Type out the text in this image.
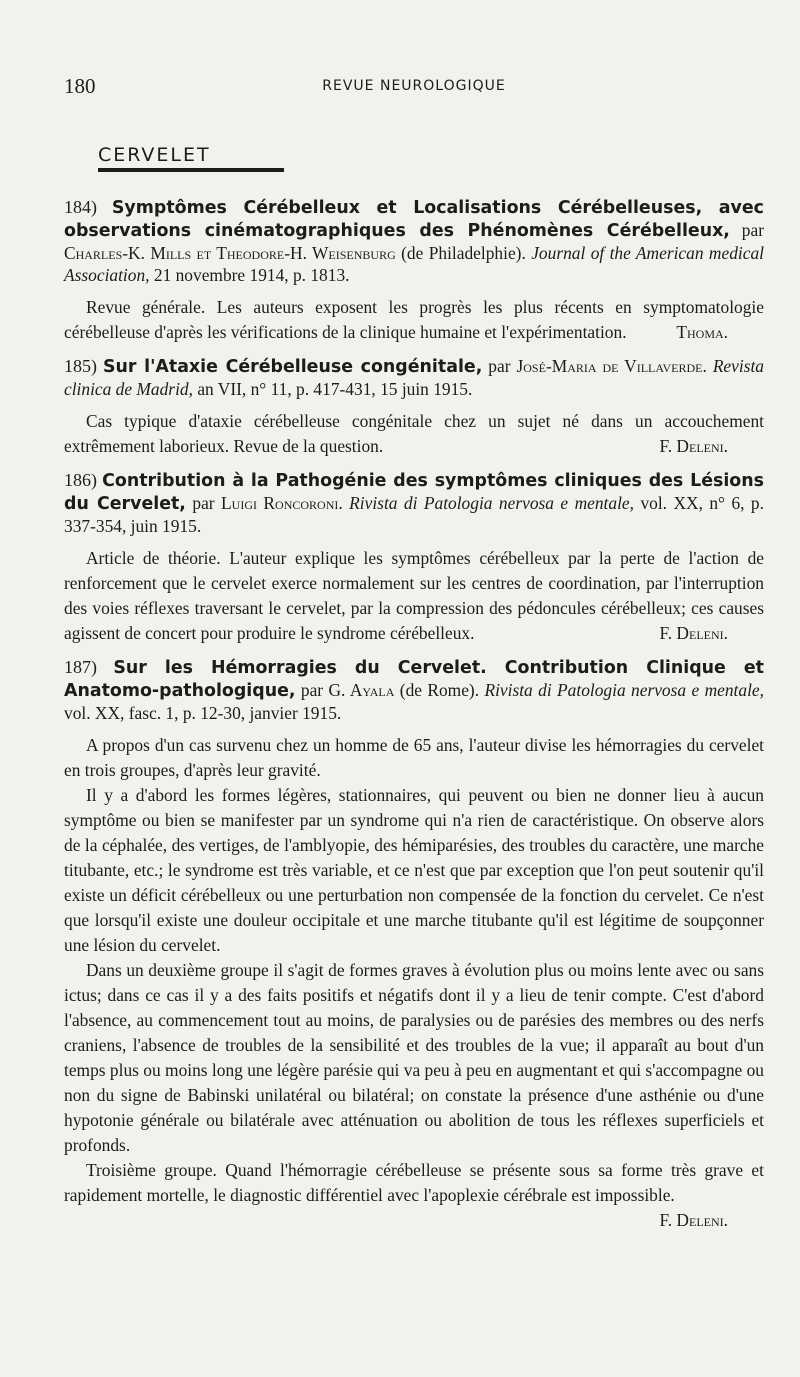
180	REVUE NEUROLOGIQUE
CERVELET
184) Symptômes Cérébelleux et Localisations Cérébelleuses, avec observations cinématographiques des Phénomènes Cérébelleux, par Charles-K. Mills et Theodore-H. Weisenburg (de Philadelphie). Journal of the American medical Association, 21 novembre 1914, p. 1813.

Revue générale. Les auteurs exposent les progrès les plus récents en symptomatologie cérébelleuse d'après les vérifications de la clinique humaine et l'expérimentation.	Thoma.

185) Sur l'Ataxie Cérébelleuse congénitale, par José-Maria de Villaverde. Revista clinica de Madrid, an VII, n° 11, p. 417-431, 15 juin 1915.

Cas typique d'ataxie cérébelleuse congénitale chez un sujet né dans un accouchement extrêmement laborieux. Revue de la question.	F. Deleni.

186) Contribution à la Pathogénie des symptômes cliniques des Lésions du Cervelet, par Luigi Roncoroni. Rivista di Patologia nervosa e mentale, vol. XX, n° 6, p. 337-354, juin 1915.

Article de théorie. L'auteur explique les symptômes cérébelleux par la perte de l'action de renforcement que le cervelet exerce normalement sur les centres de coordination, par l'interruption des voies réflexes traversant le cervelet, par la compression des pédoncules cérébelleux; ces causes agissent de concert pour produire le syndrome cérébelleux.	F. Deleni.

187) Sur les Hémorragies du Cervelet. Contribution Clinique et Anatomo-pathologique, par G. Ayala (de Rome). Rivista di Patologia nervosa e mentale, vol. XX, fasc. 1, p. 12-30, janvier 1915.

A propos d'un cas survenu chez un homme de 65 ans, l'auteur divise les hémorragies du cervelet en trois groupes, d'après leur gravité.

Il y a d'abord les formes légères, stationnaires, qui peuvent ou bien ne donner lieu à aucun symptôme ou bien se manifester par un syndrome qui n'a rien de caractéristique. On observe alors de la céphalée, des vertiges, de l'amblyopie, des hémiparésies, des troubles du caractère, une marche titubante, etc.; le syndrome est très variable, et ce n'est que par exception que l'on peut soutenir qu'il existe un déficit cérébelleux ou une perturbation non compensée de la fonction du cervelet. Ce n'est que lorsqu'il existe une douleur occipitale et une marche titubante qu'il est légitime de soupçonner une lésion du cervelet.

Dans un deuxième groupe il s'agit de formes graves à évolution plus ou moins lente avec ou sans ictus; dans ce cas il y a des faits positifs et négatifs dont il y a lieu de tenir compte. C'est d'abord l'absence, au commencement tout au moins, de paralysies ou de parésies des membres ou des nerfs craniens, l'absence de troubles de la sensibilité et des troubles de la vue; il apparaît au bout d'un temps plus ou moins long une légère parésie qui va peu à peu en augmentant et qui s'accompagne ou non du signe de Babinski unilatéral ou bilatéral; on constate la présence d'une asthénie ou d'une hypotonie générale ou bilatérale avec atténuation ou abolition de tous les réflexes superficiels et profonds.

Troisième groupe. Quand l'hémorragie cérébelleuse se présente sous sa forme très grave et rapidement mortelle, le diagnostic différentiel avec l'apoplexie cérébrale est impossible.

F. Deleni.
